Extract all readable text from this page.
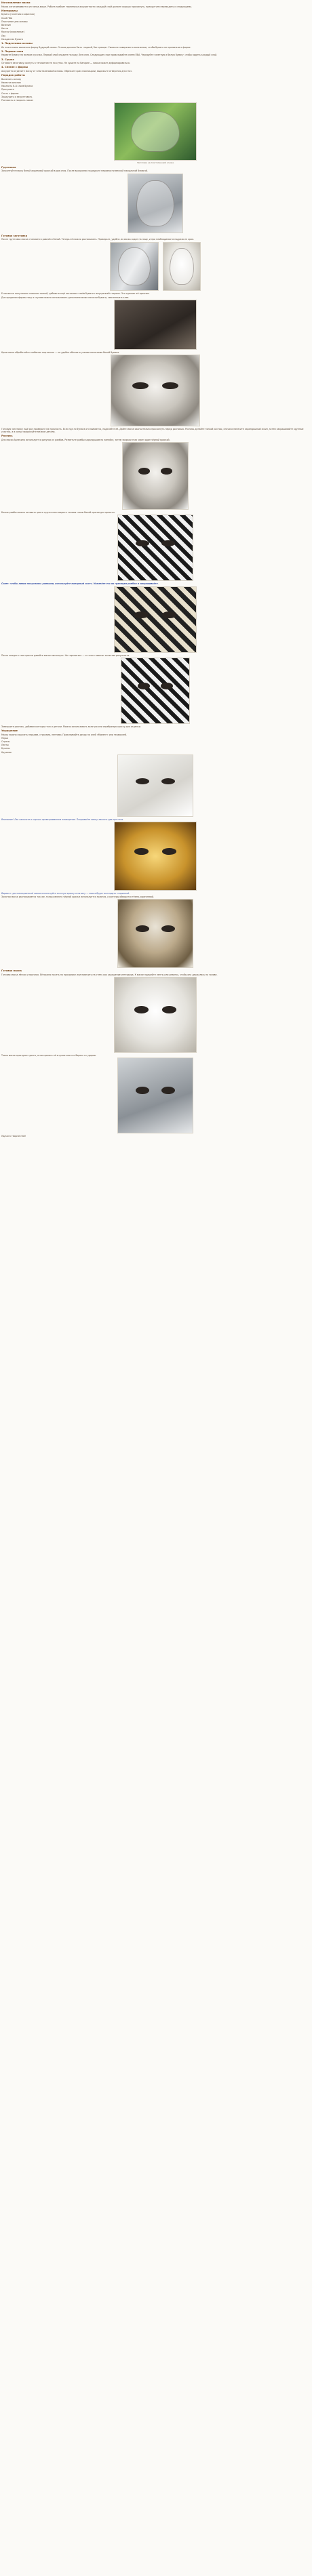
Изготовление маски
Маска изготавливается из папье-маше. Работа требует терпения и аккуратности: каждый слой должен хорошо просохнуть, прежде чем переходить к следующему.
Материалы
Бумага (газетная и офисная)
Клей ПВА
Пластилин для основы
Вазелин
Кисти
Краски (акриловые)
Лак
Наждачная бумага
1. Подготовка основы
Из пластилина вылепите форму будущей маски. Основа должна быть гладкой, без трещин. Смажьте поверхность вазелином, чтобы бумага не прилипала к форме.
2. Первые слои
Нарвите бумагу на мелкие кусочки. Первый слой кладите на воду, без клея. Следующие слои промазывайте клеем ПВА. Чередуйте газетную и белую бумагу, чтобы видеть каждый слой.
3. Сушка
Оставьте заготовку сохнуть в теплом месте на сутки. Не сушите на батарее — маска может деформироваться.
4. Снятие с формы
Аккуратно отделите маску от пластилиновой основы. Обрежьте края ножницами, вырежьте отверстия для глаз.
Порядок работы
Вылепить основу
Нанести вазелин
Наклеить 6–8 слоев бумаги
Просушить
Снять с формы
Зашкурить и загрунтовать
Расписать и покрыть лаком
Заготовка на пластилиновой основе
Грунтовка
Загрунтуйте маску белой акриловой краской в два слоя. После высыхания зашкурьте неровности мелкой наждачной бумагой.
Готовая заготовка
После грунтовки маска становится ровной и белой. Теперь её можно расписывать. Проверьте, удобно ли маска сидит на лице, и при необходимости подрежьте края.
Если маска получилась слишком тонкой, добавьте ещё несколько слоёв бумаги с внутренней стороны. Это сделает её прочнее.
Для придания формы носу и скулам можно использовать дополнительные полоски бумаги, смоченные в клее.
Края маски обработайте особенно тщательно — их удобно обклеить узкими полосками белой бумаги.
Готовую заготовку ещё раз проверьте на прочность. Если где-то бумага отслаивается, подклейте её. Дайте маске окончательно просохнуть перед росписью. Роспись делайте тонкой кистью, сначала нанесите карандашный эскиз, затем закрашивайте крупные участки, а в конце прорисуйте мелкие детали.
Роспись
Для маски Арлекина используется рисунок из ромбов. Разметьте ромбы карандашом по линейке, затем закрасьте их через один чёрной краской.
Белые ромбы можно оставить цвета грунта или покрыть тонким слоем белой краски для яркости.
Совет: чтобы линии получились ровными, используйте малярный скотч. Наклейте его по границам ромбов и закрашивайте.
После каждого слоя краски давайте маске высохнуть. Не торопитесь — от этого зависит качество результата.
Завершите роспись, добавив контуры глаз и детали. Можно использовать золотую или серебряную краску для отделки.
Украшение
Маску можно украсить перьями, стразами, лентами. Приклеивайте декор на клей «Момент» или термоклей.
Перья
Стразы
Ленты
Бусины
Кружево
Внимание! Лак наносите в хорошо проветриваемом помещении. Покрывайте маску лаком в два-три слоя.
Вариант: для венецианской маски используйте золотую краску и патину — маска будет выглядеть старинной.
Золотая маска расписывается так же, только вместо чёрной краски используется золотая, а контуры обводятся тёмно-коричневой.
Готовая маска
Готовая маска лёгкая и прочная. Её можно носить на празднике или повесить на стену как украшение интерьера. К маске пришейте ленты или резинку, чтобы она держалась на голове.
Такая маска прослужит долго, если хранить её в сухом месте и беречь от ударов.
Удачи в творчестве!
